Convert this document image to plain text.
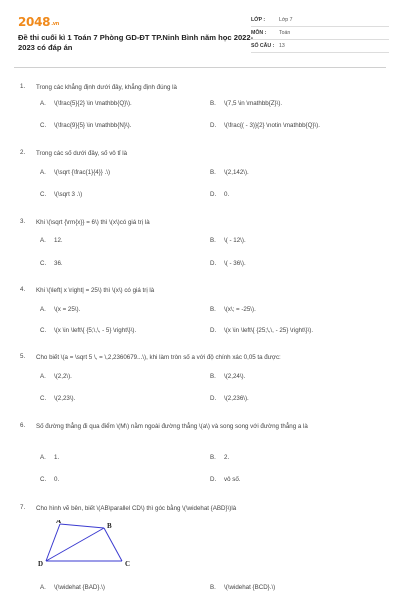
$2048^{.vn}$
Đề thi cuối kì 1 Toán 7 Phòng GD-ĐT TP.Ninh Bình năm học 2022-2023 có đáp án
LỚP :	Lớp 7
MÔN : Toán
SỐ CÂU : 13
1. Trong các khẳng định dưới đây, khẳng định đúng là
A. \(\frac{5}{2} \in \mathbb{Q}\).	B. \(7,5 \in \mathbb{Z}\).
C. \(\frac{9}{5} \in \mathbb{N}\).	D. \(\frac{( - 3)}{2} \notin \mathbb{Q}\).
2. Trong các số dưới đây, số vô tỉ là
A. \(\sqrt {\frac{1}{4}} .\)	B. \(2,142\).
C. \(\sqrt 3 .\)	D. 0.
3. Khi \(\sqrt {\rm{x}} = 6\) thì \(x\)có giá trị là
A. 12.	B. \( - 12\).
C. 36.	D. \( - 36\).
4. Khi \(\left| x \right| = 25\) thì \(x\) có giá trị là
A. \(x = 25\).	B. \(x\; = -25\).
C. \(x \in \left\{ {5;\,\, - 5} \right\}\).	D. \(x \in \left\{ {25;\,\, - 25} \right\}\).
5. Cho biết \(a = \sqrt 5 \, = \,2,2360679...\), khi làm tròn số a với độ chính xác 0,05 ta được:
A. \(2,2\).	B. \(2,24\).
C. \(2,23\).	D. \(2,236\).
6. Số đường thẳng đi qua điểm \(M\) nằm ngoài đường thẳng \(a\) và song song với đường thẳng a là
A. 1.	B. 2.
C. 0.	D. vô số.
7. Cho hình vẽ bên, biết \(AB\parallel CD\) thì góc bằng \(\widehat {ABD}\)là
A. \(\widehat {BAD}.\)	B. \(\widehat {BCD}.\)
A
B
D	C
